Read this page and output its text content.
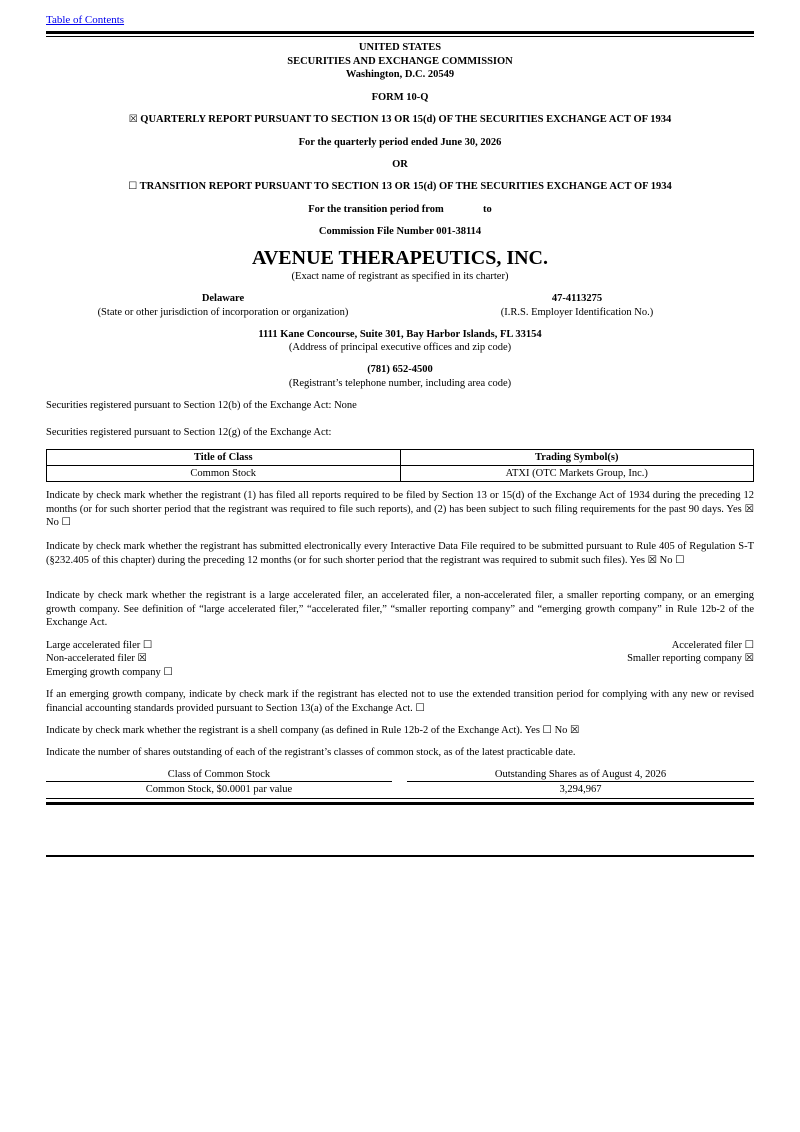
Table of Contents
UNITED STATES
SECURITIES AND EXCHANGE COMMISSION
Washington, D.C. 20549
FORM 10-Q
☒ QUARTERLY REPORT PURSUANT TO SECTION 13 OR 15(d) OF THE SECURITIES EXCHANGE ACT OF 1934
For the quarterly period ended June 30, 2026
OR
☐ TRANSITION REPORT PURSUANT TO SECTION 13 OR 15(d) OF THE SECURITIES EXCHANGE ACT OF 1934
For the transition period from	to
Commission File Number 001-38114
AVENUE THERAPEUTICS, INC.
(Exact name of registrant as specified in its charter)
Delaware
(State or other jurisdiction of incorporation or organization)
47-4113275
(I.R.S. Employer Identification No.)
1111 Kane Concourse, Suite 301, Bay Harbor Islands, FL 33154
(Address of principal executive offices and zip code)
(781) 652-4500
(Registrant’s telephone number, including area code)
Securities registered pursuant to Section 12(b) of the Exchange Act: None
Securities registered pursuant to Section 12(g) of the Exchange Act:
Title of Class	Trading Symbol(s)
Common Stock	ATXI (OTC Markets Group, Inc.)
Indicate by check mark whether the registrant (1) has filed all reports required to be filed by Section 13 or 15(d) of the Exchange Act of 1934 during the preceding 12 months (or for such shorter period that the registrant was required to file such reports), and (2) has been subject to such filing requirements for the past 90 days. Yes ☒ No ☐
Indicate by check mark whether the registrant has submitted electronically every Interactive Data File required to be submitted pursuant to Rule 405 of Regulation S-T (§232.405 of this chapter) during the preceding 12 months (or for such shorter period that the registrant was required to submit such files). Yes ☒ No ☐
Indicate by check mark whether the registrant is a large accelerated filer, an accelerated filer, a non-accelerated filer, a smaller reporting company, or an emerging growth company. See definition of “large accelerated filer,” “accelerated filer,” “smaller reporting company” and “emerging growth company” in Rule 12b-2 of the Exchange Act.
Large accelerated filer ☐	Accelerated filer ☐
Non-accelerated filer ☒	Smaller reporting company ☒
Emerging growth company ☐
If an emerging growth company, indicate by check mark if the registrant has elected not to use the extended transition period for complying with any new or revised financial accounting standards provided pursuant to Section 13(a) of the Exchange Act. ☐
Indicate by check mark whether the registrant is a shell company (as defined in Rule 12b-2 of the Exchange Act). Yes ☐ No ☒
Indicate the number of shares outstanding of each of the registrant’s classes of common stock, as of the latest practicable date.
Class of Common Stock	Outstanding Shares as of August 4, 2026
Common Stock, $0.0001 par value	3,294,967
